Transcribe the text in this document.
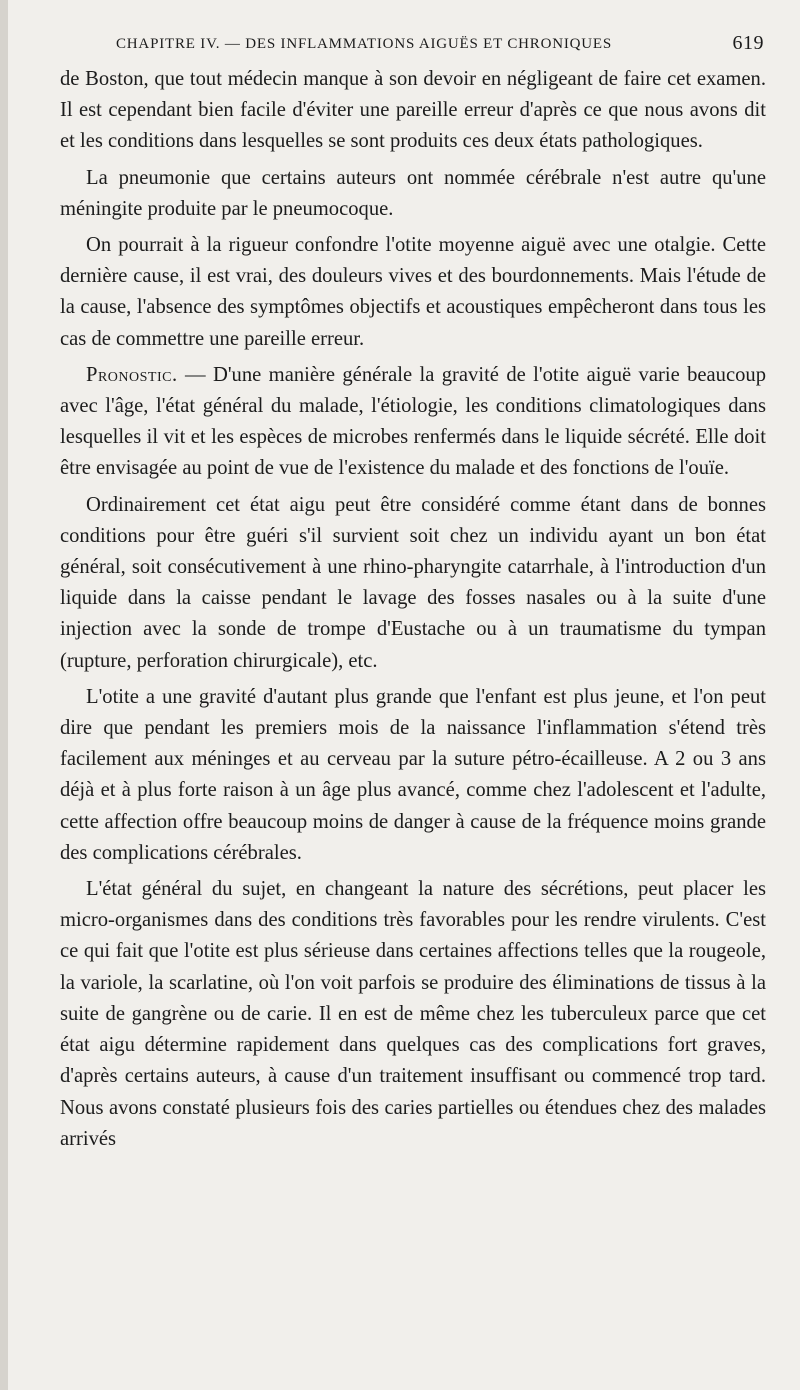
CHAPITRE IV. — DES INFLAMMATIONS AIGUËS ET CHRONIQUES	619

de Boston, que tout médecin manque à son devoir en négligeant de faire cet examen. Il est cependant bien facile d'éviter une pareille erreur d'après ce que nous avons dit et les conditions dans lesquelles se sont produits ces deux états pathologiques.

La pneumonie que certains auteurs ont nommée cérébrale n'est autre qu'une méningite produite par le pneumocoque.

On pourrait à la rigueur confondre l'otite moyenne aiguë avec une otalgie. Cette dernière cause, il est vrai, des douleurs vives et des bourdonnements. Mais l'étude de la cause, l'absence des symptômes objectifs et acoustiques empêcheront dans tous les cas de commettre une pareille erreur.

Pronostic. — D'une manière générale la gravité de l'otite aiguë varie beaucoup avec l'âge, l'état général du malade, l'étiologie, les conditions climatologiques dans lesquelles il vit et les espèces de microbes renfermés dans le liquide sécrété. Elle doit être envisagée au point de vue de l'existence du malade et des fonctions de l'ouïe.

Ordinairement cet état aigu peut être considéré comme étant dans de bonnes conditions pour être guéri s'il survient soit chez un individu ayant un bon état général, soit consécutivement à une rhino-pharyngite catarrhale, à l'introduction d'un liquide dans la caisse pendant le lavage des fosses nasales ou à la suite d'une injection avec la sonde de trompe d'Eustache ou à un traumatisme du tympan (rupture, perforation chirurgicale), etc.

L'otite a une gravité d'autant plus grande que l'enfant est plus jeune, et l'on peut dire que pendant les premiers mois de la naissance l'inflammation s'étend très facilement aux méninges et au cerveau par la suture pétro-écailleuse. A 2 ou 3 ans déjà et à plus forte raison à un âge plus avancé, comme chez l'adolescent et l'adulte, cette affection offre beaucoup moins de danger à cause de la fréquence moins grande des complications cérébrales.

L'état général du sujet, en changeant la nature des sécrétions, peut placer les micro-organismes dans des conditions très favorables pour les rendre virulents. C'est ce qui fait que l'otite est plus sérieuse dans certaines affections telles que la rougeole, la variole, la scarlatine, où l'on voit parfois se produire des éliminations de tissus à la suite de gangrène ou de carie. Il en est de même chez les tuberculeux parce que cet état aigu détermine rapidement dans quelques cas des complications fort graves, d'après certains auteurs, à cause d'un traitement insuffisant ou commencé trop tard. Nous avons constaté plusieurs fois des caries partielles ou étendues chez des malades arrivés
